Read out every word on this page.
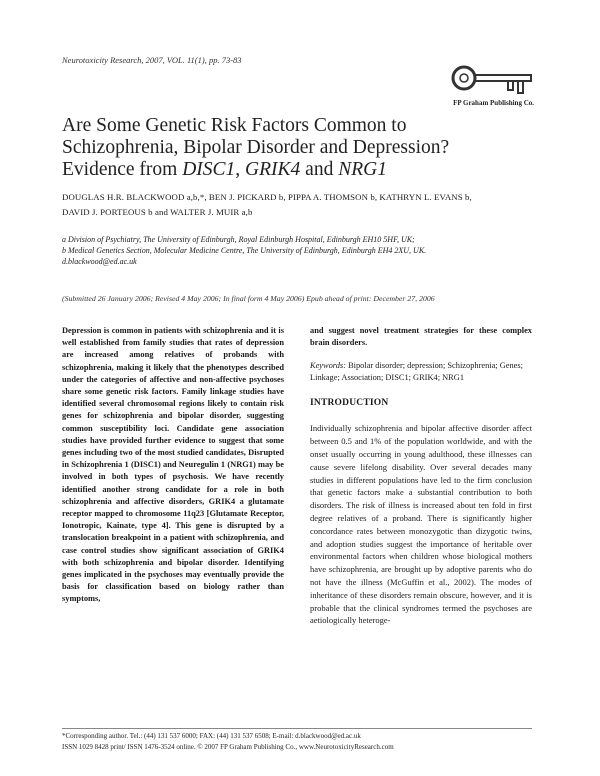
Neurotoxicity Research, 2007, VOL. 11(1), pp. 73-83
FP Graham Publishing Co.
Are Some Genetic Risk Factors Common to
Schizophrenia, Bipolar Disorder and Depression?
Evidence from DISC1, GRIK4 and NRG1
DOUGLAS H.R. BLACKWOOD a,b,*, BEN J. PICKARD b, PIPPA A. THOMSON b, KATHRYN L. EVANS b,
DAVID J. PORTEOUS b and WALTER J. MUIR a,b
a Division of Psychiatry, The University of Edinburgh, Royal Edinburgh Hospital, Edinburgh EH10 5HF, UK;
b Medical Genetics Section, Molecular Medicine Centre, The University of Edinburgh, Edinburgh EH4 2XU, UK.
d.blackwood@ed.ac.uk
(Submitted 26 January 2006; Revised 4 May 2006; In final form 4 May 2006) Epub ahead of print: December 27, 2006
Depression is common in patients with schizophrenia and it is well established from family studies that rates of depression are increased among relatives of probands with schizophrenia, making it likely that the phenotypes described under the categories of affective and non-affective psychoses share some genetic risk factors. Family linkage studies have identified several chromosomal regions likely to contain risk genes for schizophrenia and bipolar disorder, suggesting common susceptibility loci. Candidate gene association studies have provided further evidence to suggest that some genes including two of the most studied candidates, Disrupted in Schizophrenia 1 (DISC1) and Neuregulin 1 (NRG1) may be involved in both types of psychosis. We have recently identified another strong candidate for a role in both schizophrenia and affective disorders, GRIK4 a glutamate receptor mapped to chromosome 11q23 [Glutamate Receptor, Ionotropic, Kainate, type 4]. This gene is disrupted by a translocation breakpoint in a patient with schizophrenia, and case control studies show significant association of GRIK4 with both schizophrenia and bipolar disorder. Identifying genes implicated in the psychoses may eventually provide the basis for classification based on biology rather than symptoms,
and suggest novel treatment strategies for these complex brain disorders.
Keywords: Bipolar disorder; depression; Schizophrenia; Genes; Linkage; Association; DISC1; GRIK4; NRG1
INTRODUCTION
Individually schizophrenia and bipolar affective disorder affect between 0.5 and 1% of the population worldwide, and with the onset usually occurring in young adulthood, these illnesses can cause severe lifelong disability. Over several decades many studies in different populations have led to the firm conclusion that genetic factors make a substantial contribution to both disorders. The risk of illness is increased about ten fold in first degree relatives of a proband. There is significantly higher concordance rates between monozygotic than dizygotic twins, and adoption studies suggest the importance of heritable over environmental factors when children whose biological mothers have schizophrenia, are brought up by adoptive parents who do not have the illness (McGuffin et al., 2002). The modes of inheritance of these disorders remain obscure, however, and it is probable that the clinical syndromes termed the psychoses are aetiologically heteroge-
*Corresponding author. Tel.: (44) 131 537 6000; FAX: (44) 131 537 6508; E-mail: d.blackwood@ed.ac.uk
ISSN 1029 8428 print/ ISSN 1476-3524 online. © 2007 FP Graham Publishing Co., www.NeurotoxicityResearch.com
